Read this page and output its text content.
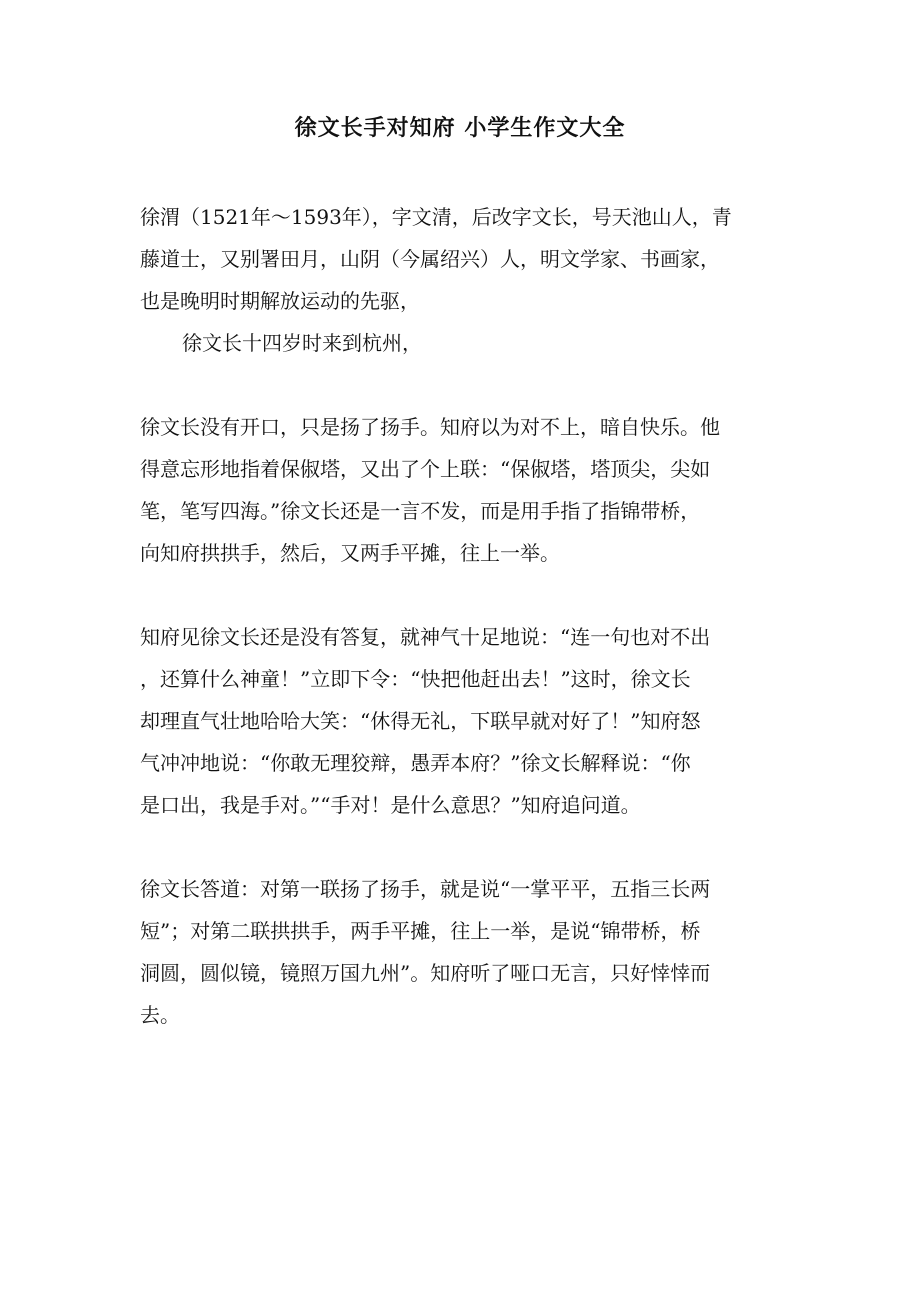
徐文长手对知府 小学生作文大全
徐渭（1521年～1593年），字文清，后改字文长，号天池山人，青
藤道士，又别署田月，山阴（今属绍兴）人，明文学家、书画家，
也是晚明时期解放运动的先驱，
徐文长十四岁时来到杭州，
徐文长没有开口，只是扬了扬手。知府以为对不上，暗自快乐。他
得意忘形地指着保俶塔，又出了个上联：“保俶塔，塔顶尖，尖如
笔，笔写四海。”徐文长还是一言不发，而是用手指了指锦带桥，
向知府拱拱手，然后，又两手平摊，往上一举。
知府见徐文长还是没有答复，就神气十足地说：“连一句也对不出
，还算什么神童！”立即下令：“快把他赶出去！”这时，徐文长
却理直气壮地哈哈大笑：“休得无礼，下联早就对好了！”知府怒
气冲冲地说：“你敢无理狡辩，愚弄本府？”徐文长解释说：“你
是口出，我是手对。”“手对！是什么意思？”知府追问道。
徐文长答道：对第一联扬了扬手，就是说“一掌平平，五指三长两
短”；对第二联拱拱手，两手平摊，往上一举，是说“锦带桥，桥
洞圆，圆似镜，镜照万国九州”。知府听了哑口无言，只好悻悻而
去。
